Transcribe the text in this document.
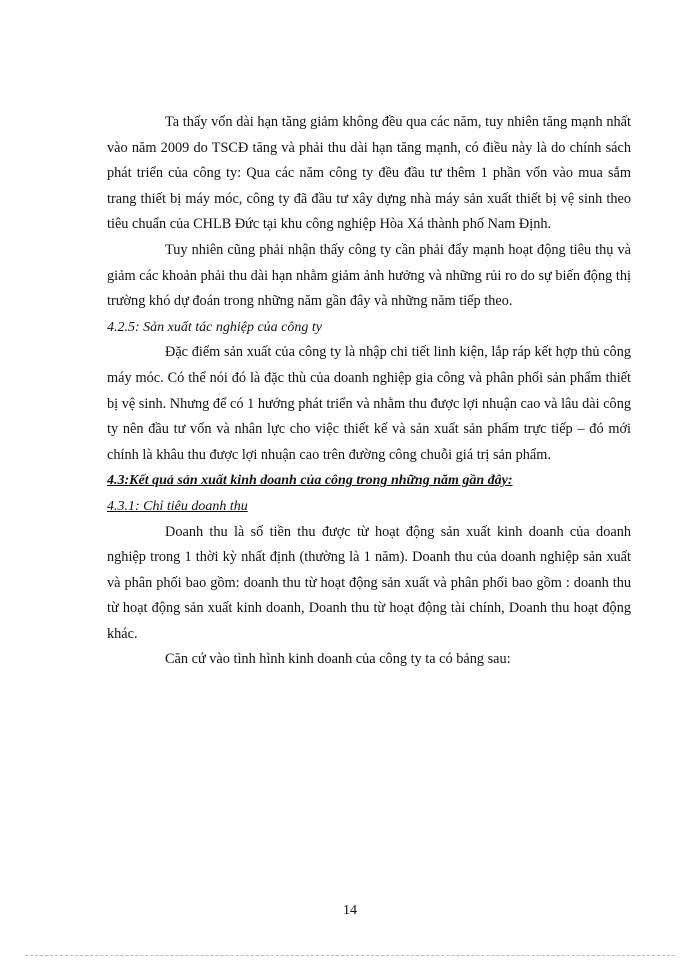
Ta thấy vốn dài hạn tăng giảm không đều qua các năm, tuy nhiên tăng mạnh nhất vào năm 2009 do TSCĐ tăng và phải thu dài hạn tăng mạnh, có điều này là do chính sách phát triển của công ty: Qua các năm công ty đều đầu tư thêm 1 phần vốn vào mua sắm trang thiết bị máy móc, công ty đã đầu tư xây dựng nhà máy sản xuất thiết bị vệ sinh theo tiêu chuẩn của CHLB Đức tại khu công nghiệp Hòa Xá thành phố Nam Định.

Tuy nhiên cũng phải nhận thấy công ty cần phải đẩy mạnh hoạt động tiêu thụ và giảm các khoản phải thu dài hạn nhằm giảm ảnh hưởng và những rủi ro do sự biến động thị trường khó dự đoán trong những năm gần đây và những năm tiếp theo.

4.2.5: Sản xuất tác nghiệp của công ty

Đặc điểm sản xuất của công ty là nhập chi tiết linh kiện, lắp ráp kết hợp thủ công máy móc. Có thể nói đó là đặc thù của doanh nghiệp gia công và phân phối sản phẩm thiết bị vệ sinh. Nhưng để có 1 hướng phát triển và nhằm thu được lợi nhuận cao và lâu dài công ty nên đầu tư vốn và nhân lực cho việc thiết kế và sản xuất sản phẩm trực tiếp – đó mới chính là khâu thu được lợi nhuận cao trên đường công chuỗi giá trị sản phẩm.

4.3:Kết quả sản xuất kinh doanh của công trong những năm gần đây:

4.3.1: Chỉ tiêu doanh thu

Doanh thu là số tiền thu được từ hoạt động sản xuất kinh doanh của doanh nghiệp trong 1 thời kỳ nhất định (thường là 1 năm). Doanh thu của doanh nghiệp sản xuất và phân phối bao gồm: doanh thu từ hoạt động sản xuất và phân phối bao gồm : doanh thu từ hoạt động sản xuất kinh doanh, Doanh thu từ hoạt động tài chính, Doanh thu hoạt động khác.

Căn cứ vào tình hình kinh doanh của công ty ta có bảng sau:

14
